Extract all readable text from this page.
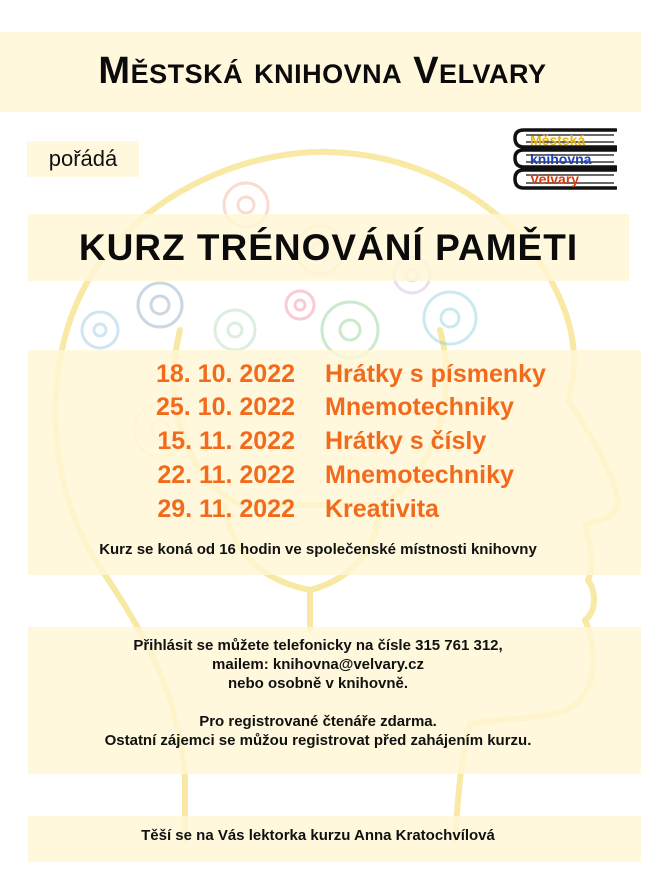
Městská knihovna Velvary
pořádá
Městská
knihovna
Velvary
KURZ TRÉNOVÁNÍ PAMĚTI
18. 10. 2022 Hrátky s písmenky
25. 10. 2022 Mnemotechniky
15. 11. 2022 Hrátky s čísly
22. 11. 2022 Mnemotechniky
29. 11. 2022 Kreativita
Kurz se koná od 16 hodin ve společenské místnosti knihovny
Přihlásit se můžete telefonicky na čísle 315 761 312,
mailem: knihovna@velvary.cz
nebo osobně v knihovně.
Pro registrované čtenáře zdarma.
Ostatní zájemci se můžou registrovat před zahájením kurzu.
Těší se na Vás lektorka kurzu Anna Kratochvílová
